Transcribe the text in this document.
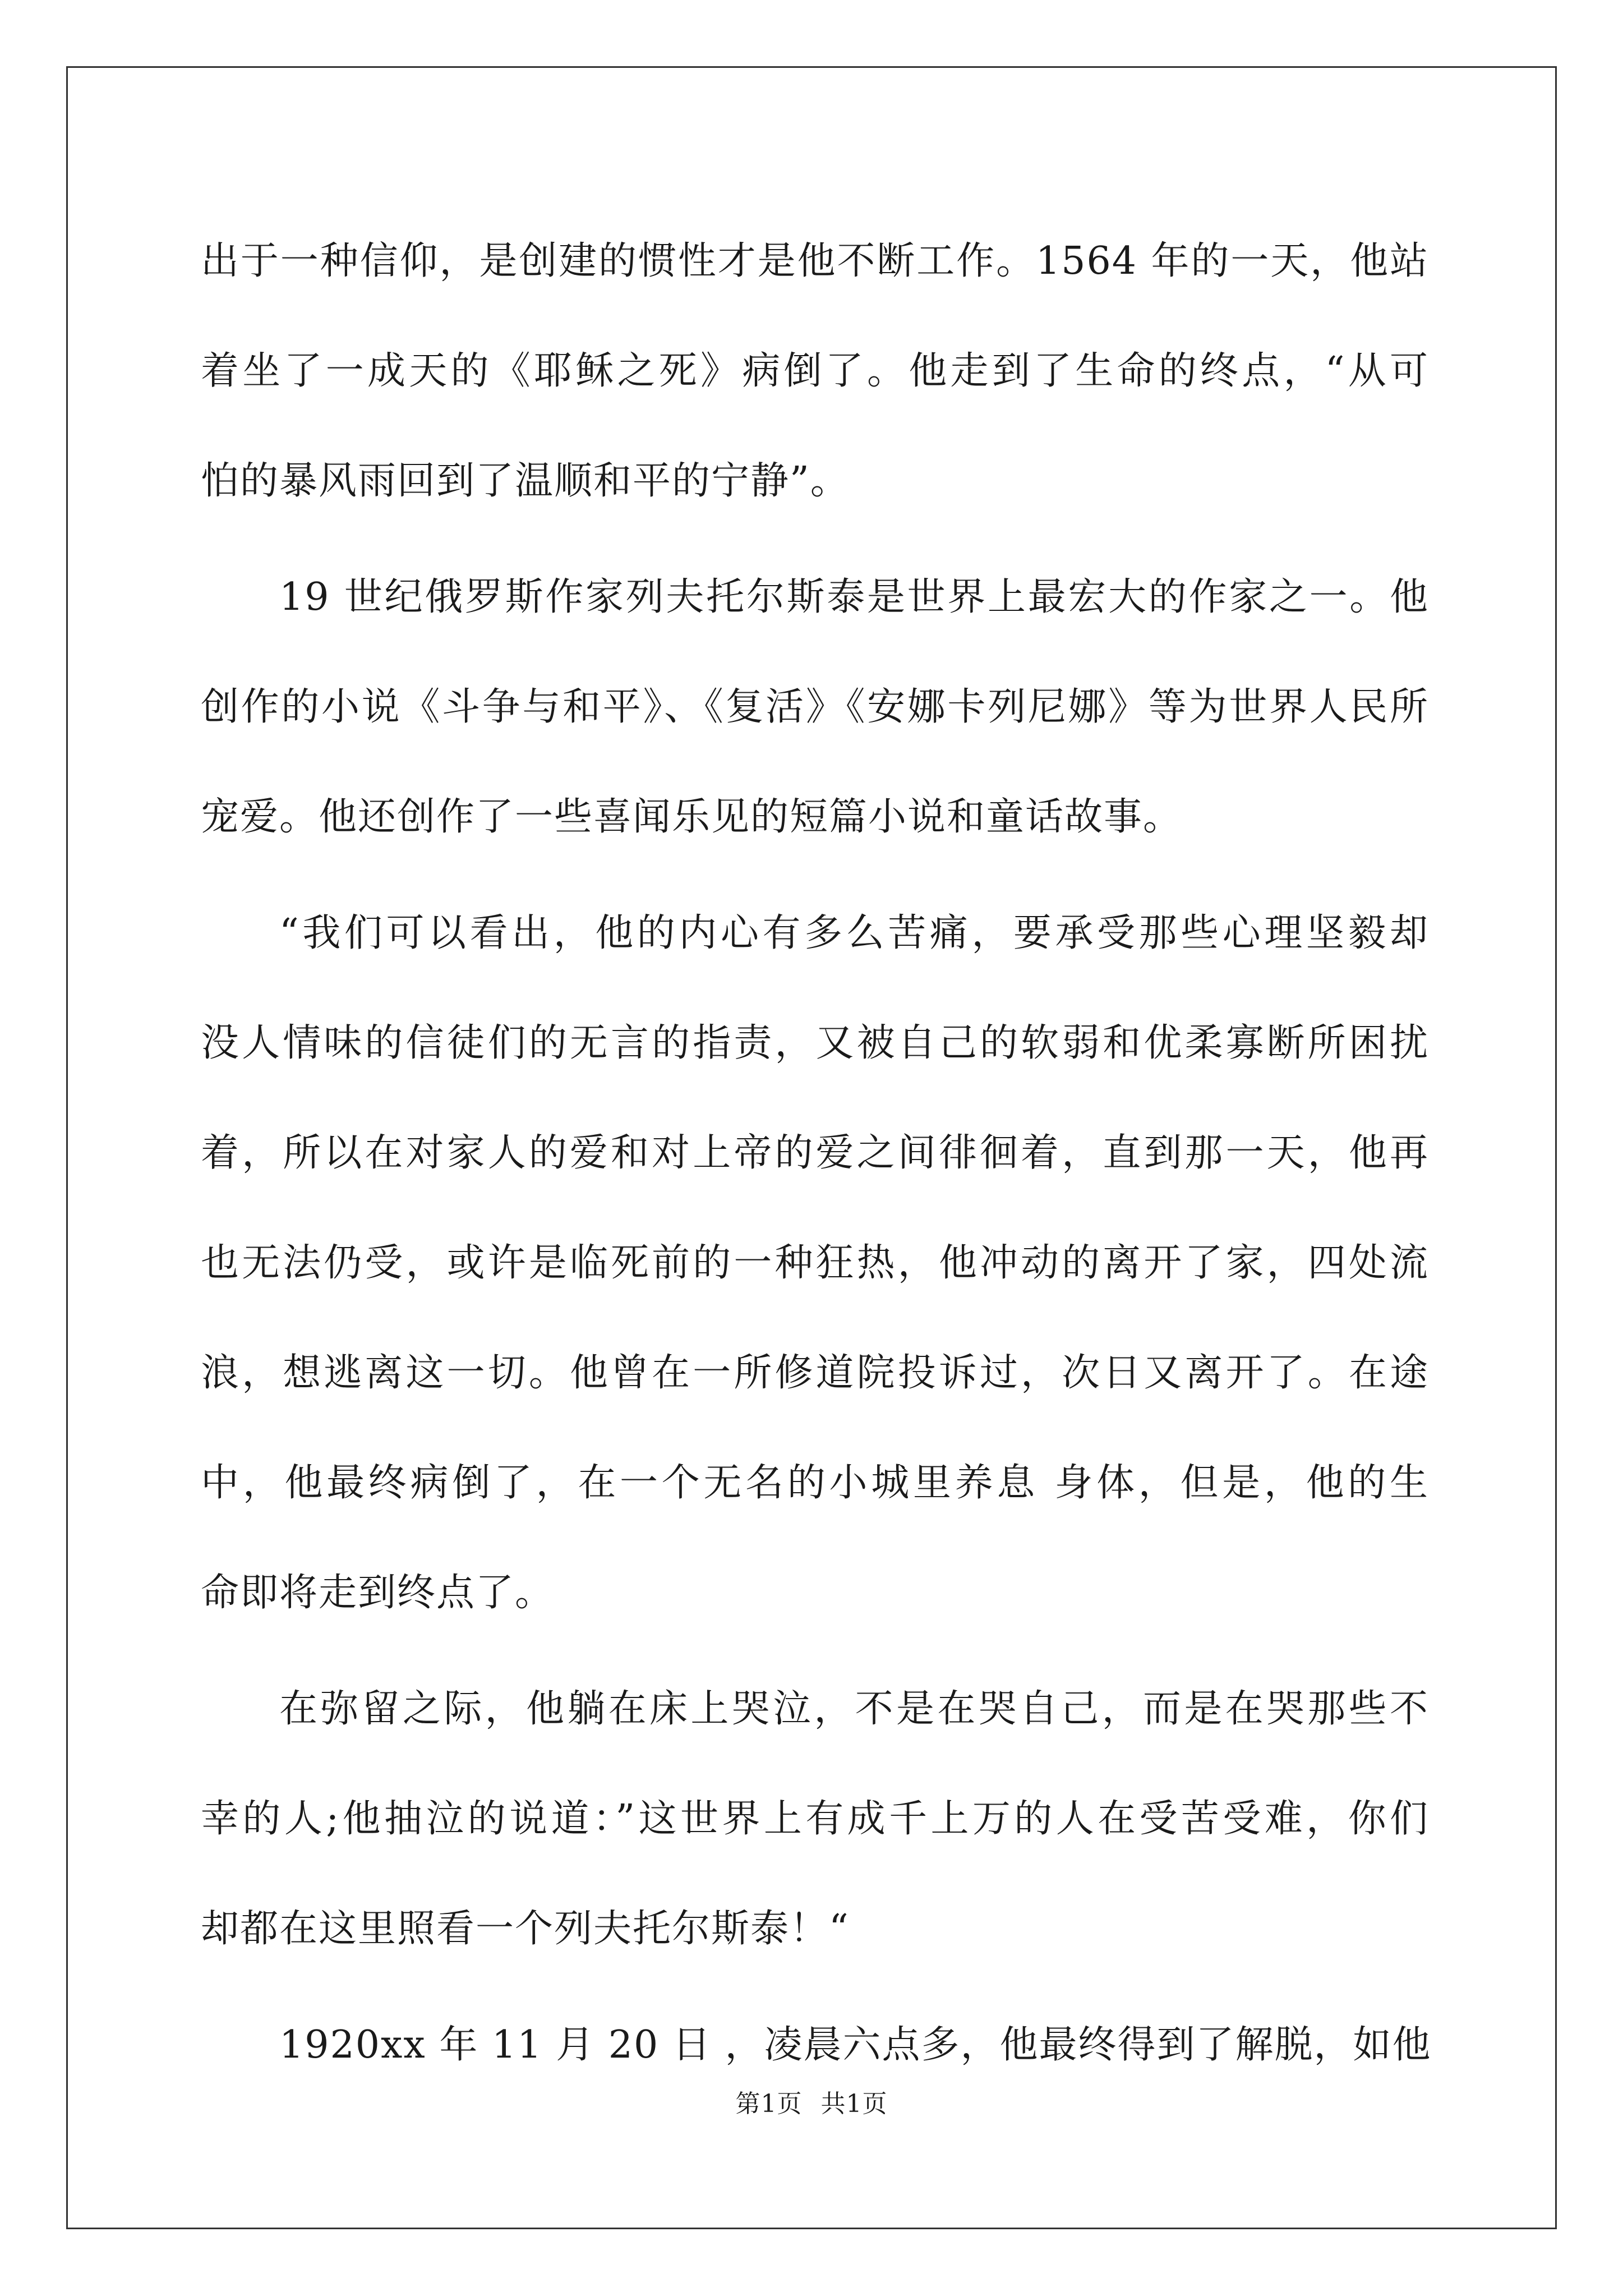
出于一种信仰，是创建的惯性才是他不断工作。1564 年的一天，他站
着坐了一成天的《耶稣之死》病倒了。他走到了生命的终点，“从可
怕的暴风雨回到了温顺和平的宁静”。
19 世纪俄罗斯作家列夫托尔斯泰是世界上最宏大的作家之一。他
创作的小说《斗争与和平》、《复活》《安娜卡列尼娜》等为世界人民所
宠爱。他还创作了一些喜闻乐见的短篇小说和童话故事。
“我们可以看出，他的内心有多么苦痛，要承受那些心理坚毅却
没人情味的信徒们的无言的指责，又被自己的软弱和优柔寡断所困扰
着，所以在对家人的爱和对上帝的爱之间徘徊着，直到那一天，他再
也无法仍受，或许是临死前的一种狂热，他冲动的离开了家，四处流
浪，想逃离这一切。他曾在一所修道院投诉过，次日又离开了。在途
中，他最终病倒了，在一个无名的小城里养息 身体，但是，他的生
命即将走到终点了。
在弥留之际，他躺在床上哭泣，不是在哭自己，而是在哭那些不
幸的人;他抽泣的说道：”这世界上有成千上万的人在受苦受难，你们
却都在这里照看一个列夫托尔斯泰！“
1920xx 年 11 月 20 日 ，凌晨六点多，他最终得到了解脱，如他
第1页 共1页
